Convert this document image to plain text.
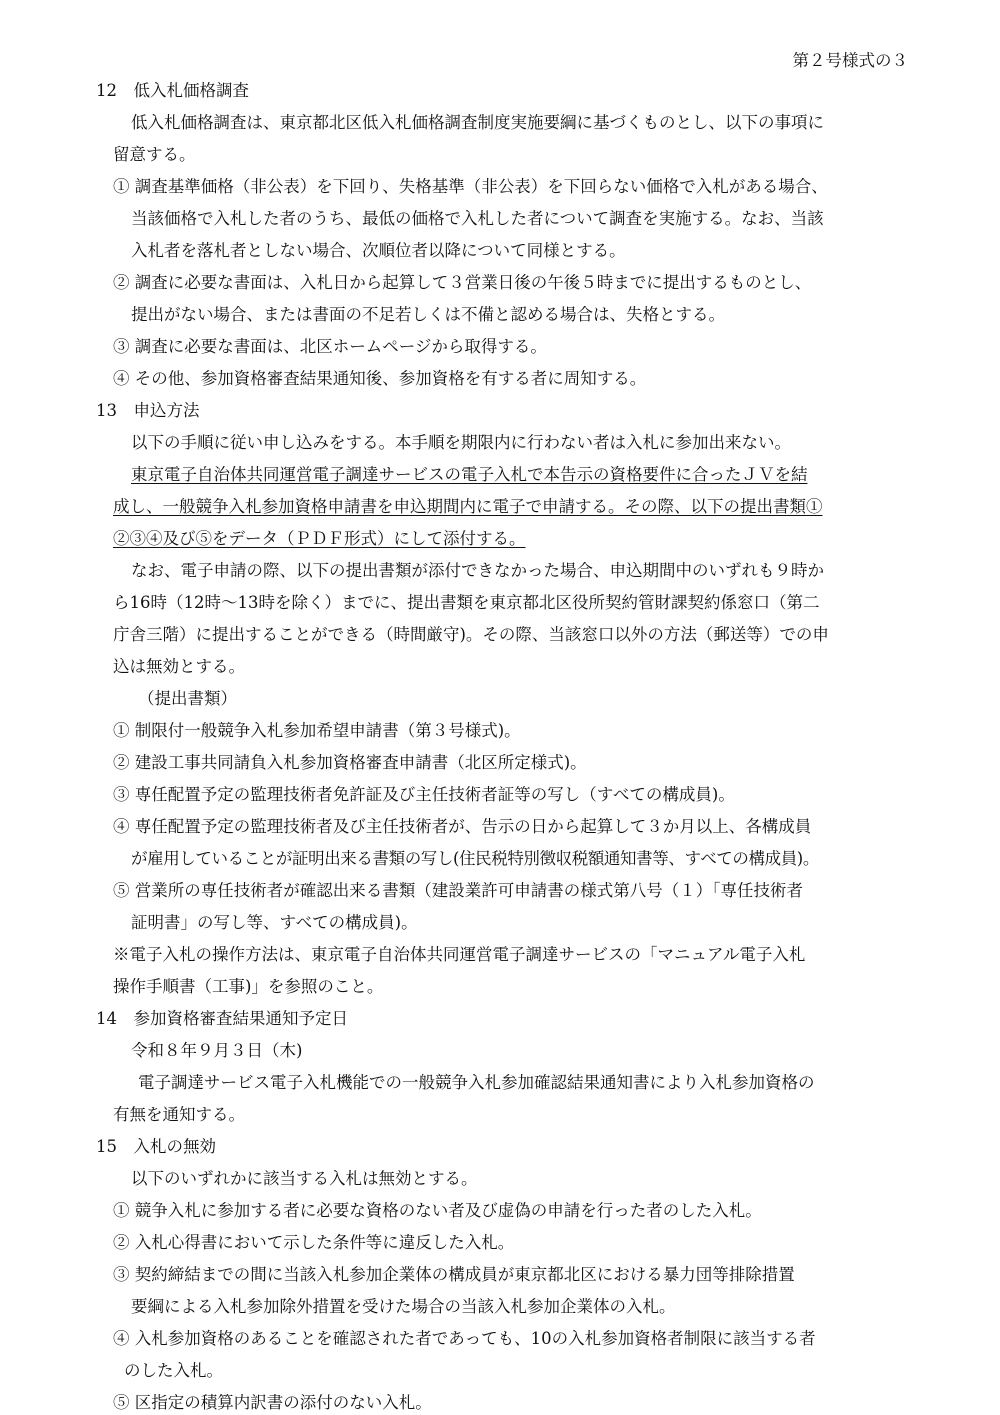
第２号様式の３
12　低入札価格調査
低入札価格調査は、東京都北区低入札価格調査制度実施要綱に基づくものとし、以下の事項に
留意する。
① 調査基準価格（非公表）を下回り、失格基準（非公表）を下回らない価格で入札がある場合、
当該価格で入札した者のうち、最低の価格で入札した者について調査を実施する。なお、当該
入札者を落札者としない場合、次順位者以降について同様とする。
② 調査に必要な書面は、入札日から起算して３営業日後の午後５時までに提出するものとし、
提出がない場合、または書面の不足若しくは不備と認める場合は、失格とする。
③ 調査に必要な書面は、北区ホームページから取得する。
④ その他、参加資格審査結果通知後、参加資格を有する者に周知する。
13　申込方法
以下の手順に従い申し込みをする。本手順を期限内に行わない者は入札に参加出来ない。
東京電子自治体共同運営電子調達サービスの電子入札で本告示の資格要件に合ったＪＶを結
成し、一般競争入札参加資格申請書を申込期間内に電子で申請する。その際、以下の提出書類①
②③④及び⑤をデータ（ＰＤＦ形式）にして添付する。
なお、電子申請の際、以下の提出書類が添付できなかった場合、申込期間中のいずれも９時か
ら16時（12時～13時を除く）までに、提出書類を東京都北区役所契約管財課契約係窓口（第二
庁舎三階）に提出することができる（時間厳守)。その際、当該窓口以外の方法（郵送等）での申
込は無効とする。
（提出書類）
① 制限付一般競争入札参加希望申請書（第３号様式)。
② 建設工事共同請負入札参加資格審査申請書（北区所定様式)。
③ 専任配置予定の監理技術者免許証及び主任技術者証等の写し（すべての構成員)。
④ 専任配置予定の監理技術者及び主任技術者が、告示の日から起算して３か月以上、各構成員
が雇用していることが証明出来る書類の写し(住民税特別徴収税額通知書等、すべての構成員)。
⑤ 営業所の専任技術者が確認出来る書類（建設業許可申請書の様式第八号（１）「専任技術者
証明書」の写し等、すべての構成員)。
※電子入札の操作方法は、東京電子自治体共同運営電子調達サービスの「マニュアル電子入札
操作手順書（工事)」を参照のこと。
14　参加資格審査結果通知予定日
令和８年９月３日（木)
電子調達サービス電子入札機能での一般競争入札参加確認結果通知書により入札参加資格の
有無を通知する。
15　入札の無効
以下のいずれかに該当する入札は無効とする。
① 競争入札に参加する者に必要な資格のない者及び虚偽の申請を行った者のした入札。
② 入札心得書において示した条件等に違反した入札。
③ 契約締結までの間に当該入札参加企業体の構成員が東京都北区における暴力団等排除措置
要綱による入札参加除外措置を受けた場合の当該入札参加企業体の入札。
④ 入札参加資格のあることを確認された者であっても、10の入札参加資格者制限に該当する者
のした入札。
⑤ 区指定の積算内訳書の添付のない入札。
